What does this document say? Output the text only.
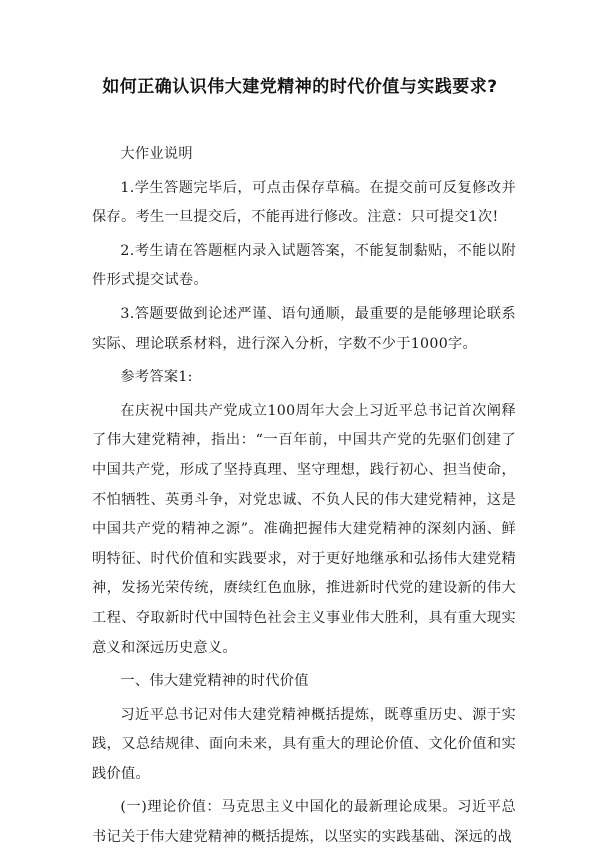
如何正确认识伟大建党精神的时代价值与实践要求?

大作业说明

1.学生答题完毕后，可点击保存草稿。在提交前可反复修改并保存。考生一旦提交后，不能再进行修改。注意：只可提交1次!

2.考生请在答题框内录入试题答案，不能复制黏贴，不能以附件形式提交试卷。

3.答题要做到论述严谨、语句通顺，最重要的是能够理论联系实际、理论联系材料，进行深入分析，字数不少于1000字。

参考答案1:

在庆祝中国共产党成立100周年大会上习近平总书记首次阐释了伟大建党精神，指出：“一百年前，中国共产党的先驱们创建了中国共产党，形成了坚持真理、坚守理想，践行初心、担当使命，不怕牺牲、英勇斗争，对党忠诚、不负人民的伟大建党精神，这是中国共产党的精神之源”。准确把握伟大建党精神的深刻内涵、鲜明特征、时代价值和实践要求，对于更好地继承和弘扬伟大建党精神，发扬光荣传统，赓续红色血脉，推进新时代党的建设新的伟大工程、夺取新时代中国特色社会主义事业伟大胜利，具有重大现实意义和深远历史意义。

一、伟大建党精神的时代价值

习近平总书记对伟大建党精神概括提炼，既尊重历史、源于实践，又总结规律、面向未来，具有重大的理论价值、文化价值和实践价值。

(一)理论价值：马克思主义中国化的最新理论成果。习近平总书记关于伟大建党精神的概括提炼，以坚实的实践基础、深远的战
